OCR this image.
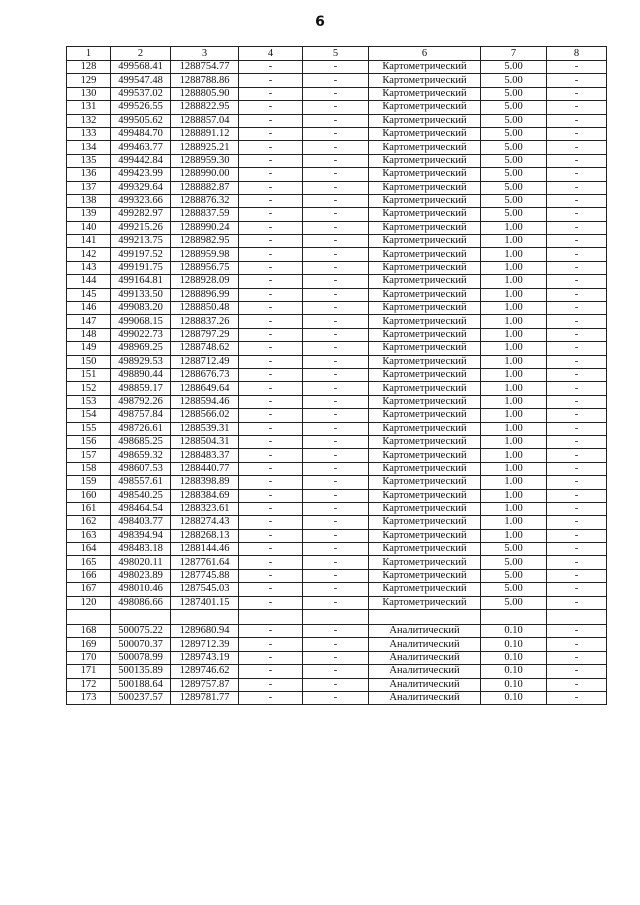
6
1	2	3	4	5	6	7	8
128	499568.41	1288754.77	-	-	Картометрический	5.00	-
129	499547.48	1288788.86	-	-	Картометрический	5.00	-
130	499537.02	1288805.90	-	-	Картометрический	5.00	-
131	499526.55	1288822.95	-	-	Картометрический	5.00	-
132	499505.62	1288857.04	-	-	Картометрический	5.00	-
133	499484.70	1288891.12	-	-	Картометрический	5.00	-
134	499463.77	1288925.21	-	-	Картометрический	5.00	-
135	499442.84	1288959.30	-	-	Картометрический	5.00	-
136	499423.99	1288990.00	-	-	Картометрический	5.00	-
137	499329.64	1288882.87	-	-	Картометрический	5.00	-
138	499323.66	1288876.32	-	-	Картометрический	5.00	-
139	499282.97	1288837.59	-	-	Картометрический	5.00	-
140	499215.26	1288990.24	-	-	Картометрический	1.00	-
141	499213.75	1288982.95	-	-	Картометрический	1.00	-
142	499197.52	1288959.98	-	-	Картометрический	1.00	-
143	499191.75	1288956.75	-	-	Картометрический	1.00	-
144	499164.81	1288928.09	-	-	Картометрический	1.00	-
145	499133.50	1288896.99	-	-	Картометрический	1.00	-
146	499083.20	1288850.48	-	-	Картометрический	1.00	-
147	499068.15	1288837.26	-	-	Картометрический	1.00	-
148	499022.73	1288797.29	-	-	Картометрический	1.00	-
149	498969.25	1288748.62	-	-	Картометрический	1.00	-
150	498929.53	1288712.49	-	-	Картометрический	1.00	-
151	498890.44	1288676.73	-	-	Картометрический	1.00	-
152	498859.17	1288649.64	-	-	Картометрический	1.00	-
153	498792.26	1288594.46	-	-	Картометрический	1.00	-
154	498757.84	1288566.02	-	-	Картометрический	1.00	-
155	498726.61	1288539.31	-	-	Картометрический	1.00	-
156	498685.25	1288504.31	-	-	Картометрический	1.00	-
157	498659.32	1288483.37	-	-	Картометрический	1.00	-
158	498607.53	1288440.77	-	-	Картометрический	1.00	-
159	498557.61	1288398.89	-	-	Картометрический	1.00	-
160	498540.25	1288384.69	-	-	Картометрический	1.00	-
161	498464.54	1288323.61	-	-	Картометрический	1.00	-
162	498403.77	1288274.43	-	-	Картометрический	1.00	-
163	498394.94	1288268.13	-	-	Картометрический	1.00	-
164	498483.18	1288144.46	-	-	Картометрический	5.00	-
165	498020.11	1287761.64	-	-	Картометрический	5.00	-
166	498023.89	1287745.88	-	-	Картометрический	5.00	-
167	498010.46	1287545.03	-	-	Картометрический	5.00	-
120	498086.66	1287401.15	-	-	Картометрический	5.00	-

168	500075.22	1289680.94	-	-	Аналитический	0.10	-
169	500070.37	1289712.39	-	-	Аналитический	0.10	-
170	500078.99	1289743.19	-	-	Аналитический	0.10	-
171	500135.89	1289746.62	-	-	Аналитический	0.10	-
172	500188.64	1289757.87	-	-	Аналитический	0.10	-
173	500237.57	1289781.77	-	-	Аналитический	0.10	-
